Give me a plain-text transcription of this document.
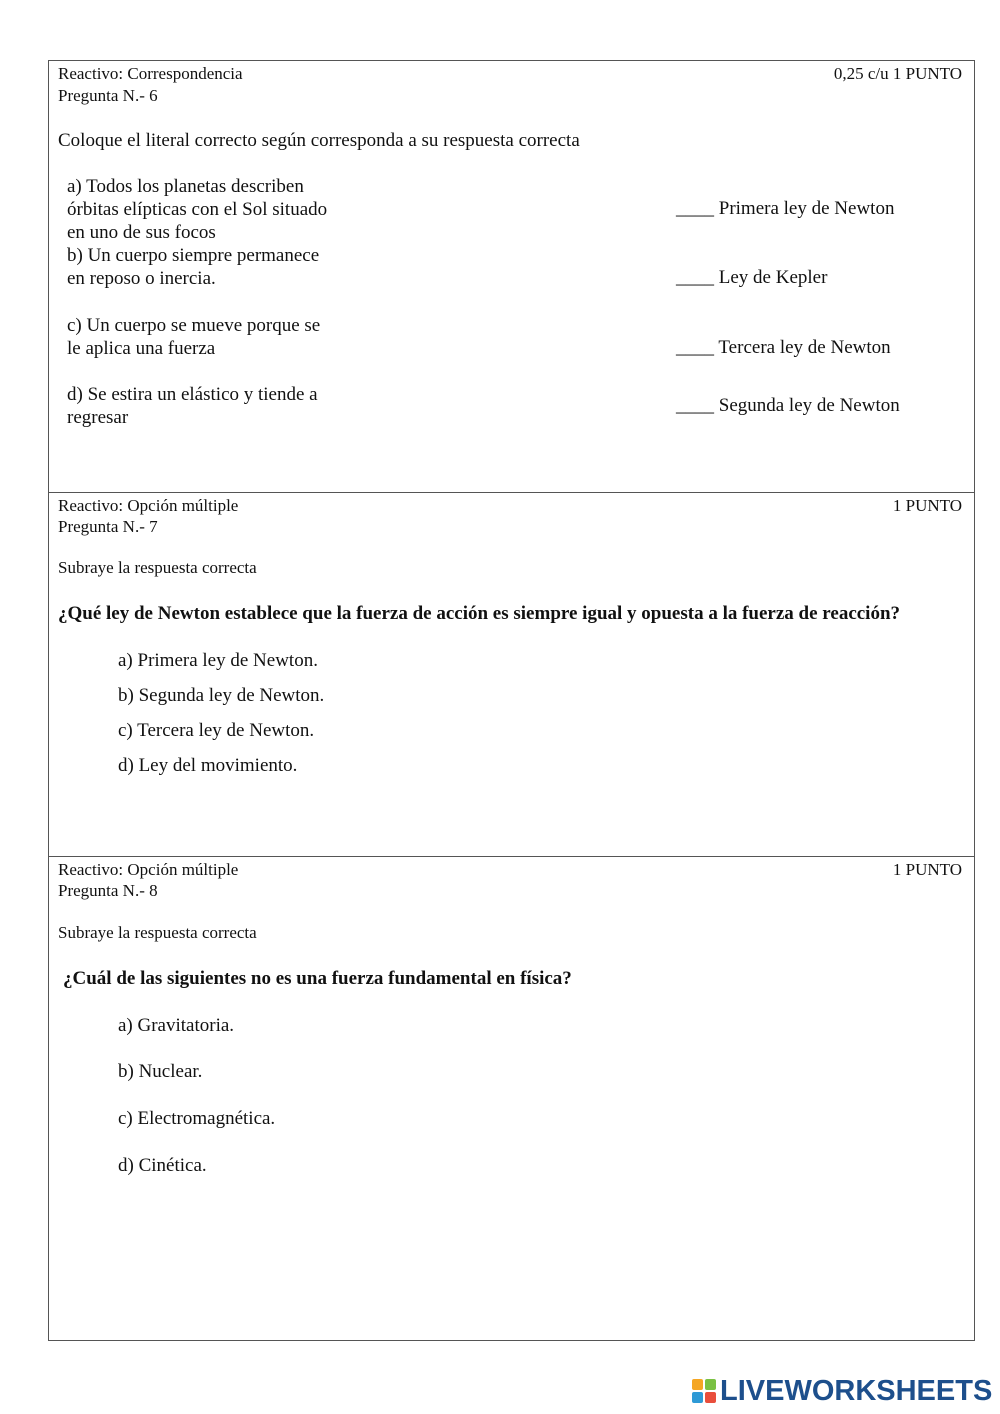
Reactivo: Correspondencia	0,25 c/u 1 PUNTO
Pregunta N.- 6
Coloque el literal correcto según corresponda a su respuesta correcta
a) Todos los planetas describen
órbitas elípticas con el Sol situado
en uno de sus focos
b) Un cuerpo siempre permanece
en reposo o inercia.
c) Un cuerpo se mueve porque se
le aplica una fuerza
d) Se estira un elástico y tiende a
regresar
____ Primera ley de Newton
____ Ley de Kepler
____ Tercera ley de Newton
____ Segunda ley de Newton
Reactivo: Opción múltiple	1 PUNTO
Pregunta N.- 7
Subraye la respuesta correcta
¿Qué ley de Newton establece que la fuerza de acción es siempre igual y opuesta a la fuerza de reacción?
a) Primera ley de Newton.
b) Segunda ley de Newton.
c) Tercera ley de Newton.
d) Ley del movimiento.
Reactivo: Opción múltiple	1 PUNTO
Pregunta N.- 8
Subraye la respuesta correcta
¿Cuál de las siguientes no es una fuerza fundamental en física?
a) Gravitatoria.
b) Nuclear.
c) Electromagnética.
d) Cinética.
LIVEWORKSHEETS
